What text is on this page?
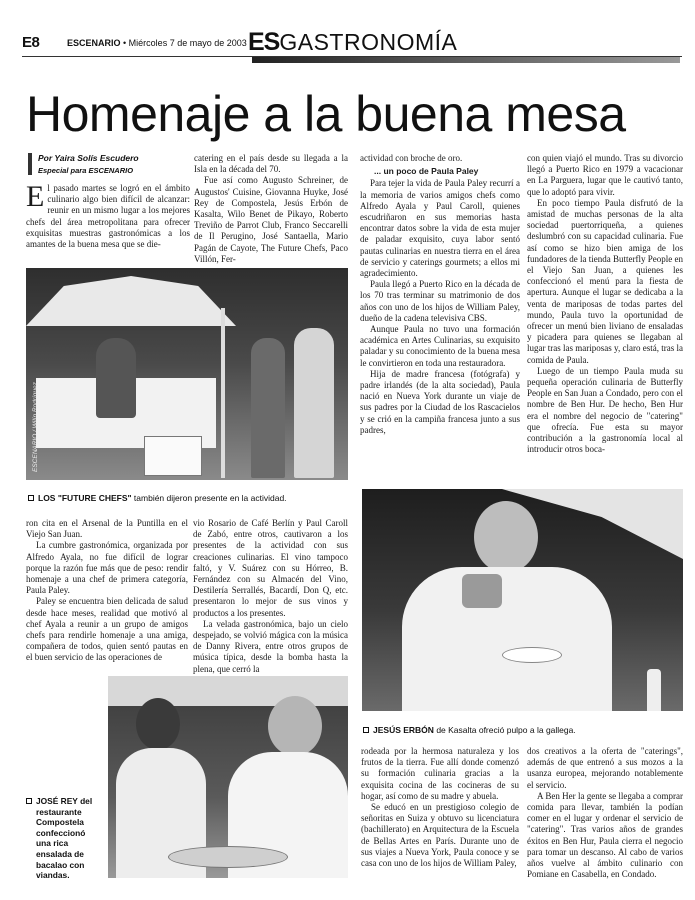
E8	ESCENARIO • Miércoles 7 de mayo de 2003 ESGASTRONOMÍA
Homenaje a la buena mesa
Por Yaira Solís Escudero
Especial para ESCENARIO
E l pasado martes se logró en el ámbito culinario algo bien difícil de alcanzar: reunir en un mismo lugar a los mejores chefs del área metropolitana para ofrecer exquisitas muestras gastronómicas a los amantes de la buena mesa que se die-

catering en el país desde su llegada a la Isla en la década del 70.

Fue así como Augusto Schreiner, de Augustos' Cuisine, Giovanna Huyke, José Rey de Compostela, Jesús Erbón de Kasalta, Wilo Benet de Pikayo, Roberto Treviño de Parrot Club, Franco Seccarelli de Il Perugino, José Santaella, Mario Pagán de Cayote, The Future Chefs, Paco Villón, Fer-

actividad con broche de oro.

... un poco de Paula Paley

Para tejer la vida de Paula Paley recurrí a la memoria de varios amigos chefs como Alfredo Ayala y Paul Caroll, quienes escudriñaron en sus memorias hasta encontrar datos sobre la vida de esta mujer de paladar exquisito, cuya labor sentó pautas culinarias en nuestra tierra en el área de servicio y caterings gourmets; a ellos mi agradecimiento.

Paula llegó a Puerto Rico en la década de los 70 tras terminar su matrimonio de dos años con uno de los hijos de William Paley, dueño de la cadena televisiva CBS.

Aunque Paula no tuvo una formación académica en Artes Culinarias, su exquisito paladar y su conocimiento de la buena mesa le convirtieron en toda una restauradora.

Hija de madre francesa (fotógrafa) y padre irlandés (de la alta sociedad), Paula nació en Nueva York durante un viaje de sus padres por la Ciudad de los Rascacielos y se crió en la campiña francesa junto a sus padres,

con quien viajó el mundo. Tras su divorcio llegó a Puerto Rico en 1979 a vacacionar en La Parguera, lugar que le cautivó tanto, que lo adoptó para vivir.

En poco tiempo Paula disfrutó de la amistad de muchas personas de la alta sociedad puertorriqueña, a quienes deslumbró con su capacidad culinaria. Fue así como se hizo bien amiga de los fundadores de la tienda Butterfly People en el Viejo San Juan, a quienes les confeccionó el menú para la fiesta de apertura. Aunque el lugar se dedicaba a la venta de mariposas de todas partes del mundo, Paula tuvo la oportunidad de ofrecer un menú bien liviano de ensaladas y picadera para quienes se llegaban al lugar tras las mariposas y, claro está, tras la comida de Paula.

Luego de un tiempo Paula muda su pequeña operación culinaria de Butterfly People en San Juan a Condado, pero con el nombre de Ben Hur. De hecho, Ben Hur era el nombre del negocio de "catering" que ofrecía. Fue esta su mayor contribución a la gastronomía local al introducir otros boca-

ESCENARIO / Wilín Rodríguez
LOS "FUTURE CHEFS" también dijeron presente en la actividad.

ron cita en el Arsenal de la Puntilla en el Viejo San Juan.

La cumbre gastronómica, organizada por Alfredo Ayala, no fue difícil de lograr porque la razón fue más que de peso: rendir homenaje a una chef de primera categoría, Paula Paley.

Paley se encuentra bien delicada de salud desde hace meses, realidad que motivó al chef Ayala a reunir a un grupo de amigos chefs para rendirle homenaje a una amiga, compañera de todos, quien sentó pautas en el buen servicio de las operaciones de

vio Rosario de Café Berlín y Paul Caroll de Zabó, entre otros, cautivaron a los presentes de la actividad con sus creaciones culinarias. El vino tampoco faltó, y V. Suárez con su Hórreo, B. Fernández con su Almacén del Vino, Destilería Serrallés, Bacardí, Don Q, etc. presentaron lo mejor de sus vinos y productos a los presentes.

La velada gastronómica, bajo un cielo despejado, se volvió mágica con la música de Danny Rivera, entre otros grupos de música típica, desde la bomba hasta la plena, que cerró la

JESÚS ERBÓN de Kasalta ofreció pulpo a la gallega.
JOSÉ REY del
restaurante
Compostela
confeccionó
una rica
ensalada de
bacalao con
viandas.

rodeada por la hermosa naturaleza y los frutos de la tierra. Fue allí donde comenzó su formación culinaria gracias a la exquisita cocina de las cocineras de su hogar, así como de su madre y abuela.

Se educó en un prestigioso colegio de señoritas en Suiza y obtuvo su licenciatura (bachillerato) en Arquitectura de la Escuela de Bellas Artes en París. Durante uno de sus viajes a Nueva York, Paula conoce y se casa con uno de los hijos de William Paley,

dos creativos a la oferta de "caterings", además de que entrenó a sus mozos a la usanza europea, mejorando notablemente el servicio.

A Ben Her la gente se llegaba a comprar comida para llevar, también la podían comer en el lugar y ordenar el servicio de "catering". Tras varios años de grandes éxitos en Ben Hur, Paula cierra el negocio para tomar un descanso. Al cabo de varios años vuelve al ámbito culinario con Pomiane en Casabella, en Condado.
